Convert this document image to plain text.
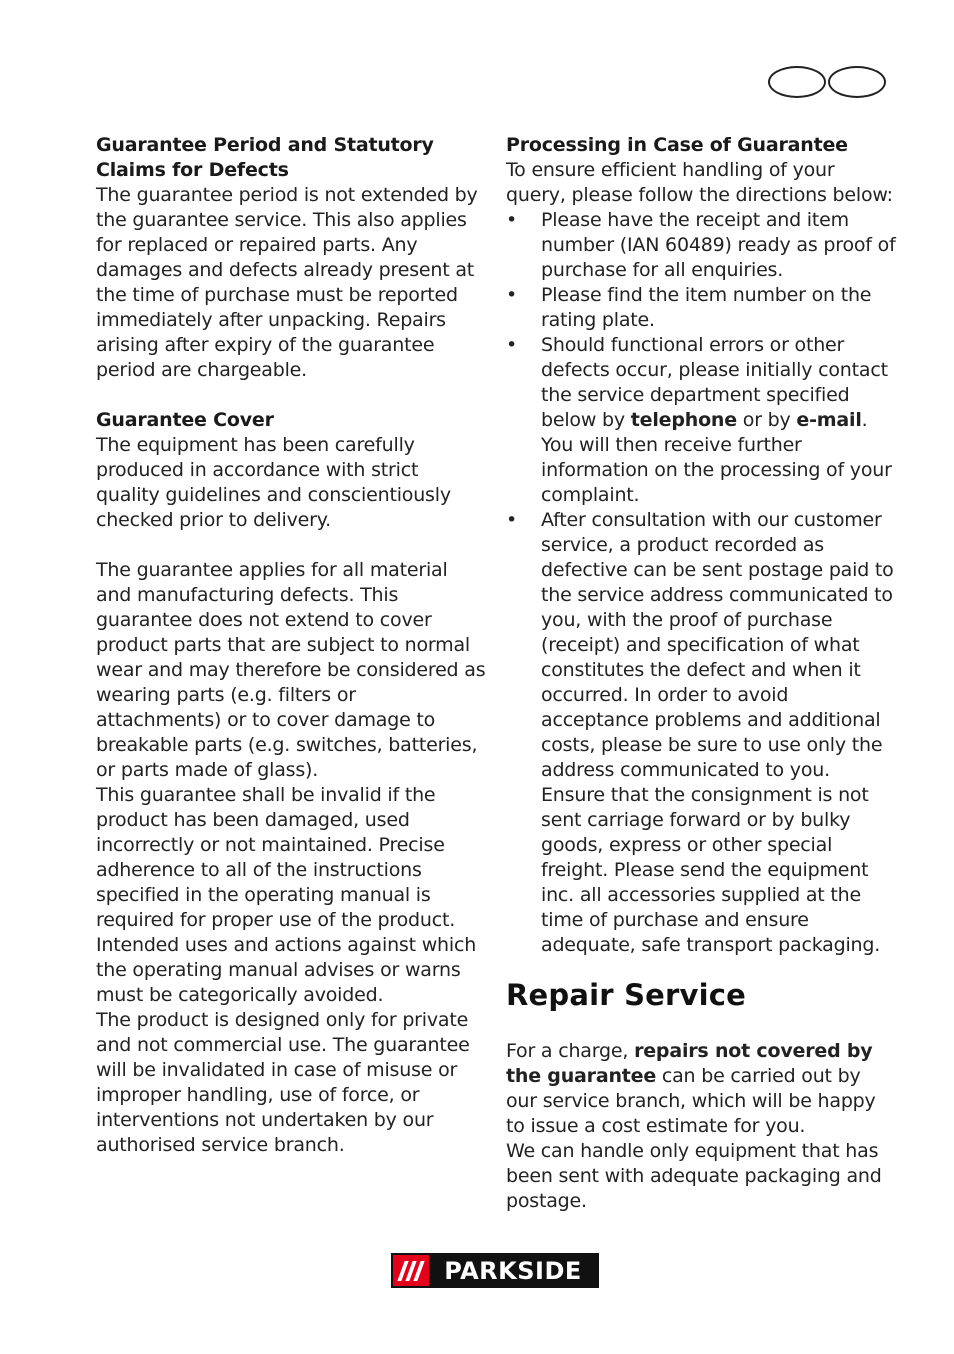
Guarantee Period and Statutory Claims for Defects

The guarantee period is not extended by the guarantee service. This also applies for replaced or repaired parts. Any damages and defects already present at the time of purchase must be reported immediately after unpacking. Repairs arising after expiry of the guarantee period are chargeable.

Guarantee Cover

The equipment has been carefully produced in accordance with strict quality guidelines and conscientiously checked prior to delivery.

The guarantee applies for all material and manufacturing defects. This guarantee does not extend to cover product parts that are subject to normal wear and may therefore be considered as wearing parts (e.g. filters or attachments) or to cover damage to breakable parts (e.g. switches, batteries, or parts made of glass).

This guarantee shall be invalid if the product has been damaged, used incorrectly or not maintained. Precise adherence to all of the instructions specified in the operating manual is required for proper use of the product. Intended uses and actions against which the operating manual advises or warns must be categorically avoided.

The product is designed only for private and not commercial use. The guarantee will be invalidated in case of misuse or improper handling, use of force, or interventions not undertaken by our authorised service branch.

Processing in Case of Guarantee

To ensure efficient handling of your query, please follow the directions below:

•	Please have the receipt and item number (IAN 60489) ready as proof of purchase for all enquiries.
•	Please find the item number on the rating plate.
•	Should functional errors or other defects occur, please initially contact the service department specified below by telephone or by e-mail. You will then receive further information on the processing of your complaint.
•	After consultation with our customer service, a product recorded as defective can be sent postage paid to the service address communicated to you, with the proof of purchase (receipt) and specification of what constitutes the defect and when it occurred. In order to avoid acceptance problems and additional costs, please be sure to use only the address communicated to you. Ensure that the consignment is not sent carriage forward or by bulky goods, express or other special freight. Please send the equipment inc. all accessories supplied at the time of purchase and ensure adequate, safe transport packaging.
Repair Service

For a charge, repairs not covered by the guarantee can be carried out by our service branch, which will be happy to issue a cost estimate for you.

We can handle only equipment that has been sent with adequate packaging and postage.

PARKSIDE
